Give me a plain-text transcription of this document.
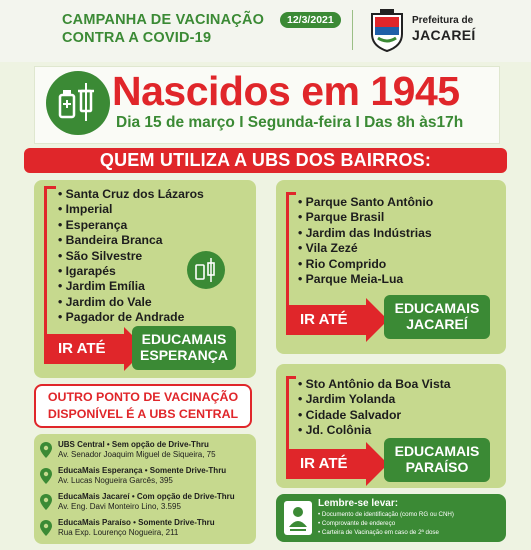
CAMPANHA DE VACINAÇÃO
CONTRA A COVID-19
12/3/2021	Prefeitura de
JACAREÍ
Nascidos em 1945
Dia 15 de março I Segunda-feira I Das 8h às17h
QUEM UTILIZA A UBS DOS BAIRROS:
• Santa Cruz dos Lázaros
• Imperial
• Esperança
• Bandeira Branca
• São Silvestre
• Igarapés
• Jardim Emília
• Jardim do Vale
• Pagador de Andrade
IR ATÉ
EDUCAMAIS
ESPERANÇA
• Parque Santo Antônio
• Parque Brasil
• Jardim das Indústrias
• Vila Zezé
• Rio Comprido
• Parque Meia-Lua
IR ATÉ
EDUCAMAIS
JACAREÍ
• Sto Antônio da Boa Vista
• Jardim Yolanda
• Cidade Salvador
• Jd. Colônia
IR ATÉ
EDUCAMAIS
PARAÍSO
OUTRO PONTO DE VACINAÇÃO
DISPONÍVEL É A UBS CENTRAL
UBS Central • Sem opção de Drive-Thru
Av. Senador Joaquim Miguel de Siqueira, 75
EducaMais Esperança • Somente Drive-Thru
Av. Lucas Nogueira Garcês, 395
EducaMais Jacareí • Com opção de Drive-Thru
Av. Eng. Davi Monteiro Lino, 3.595
EducaMais Paraíso • Somente Drive-Thru
Rua Exp. Lourenço Nogueira, 211
Lembre-se levar:
• Documento de identificação (como RG ou CNH)
• Comprovante de endereço
• Carteira de Vacinação em caso de 2ª dose
